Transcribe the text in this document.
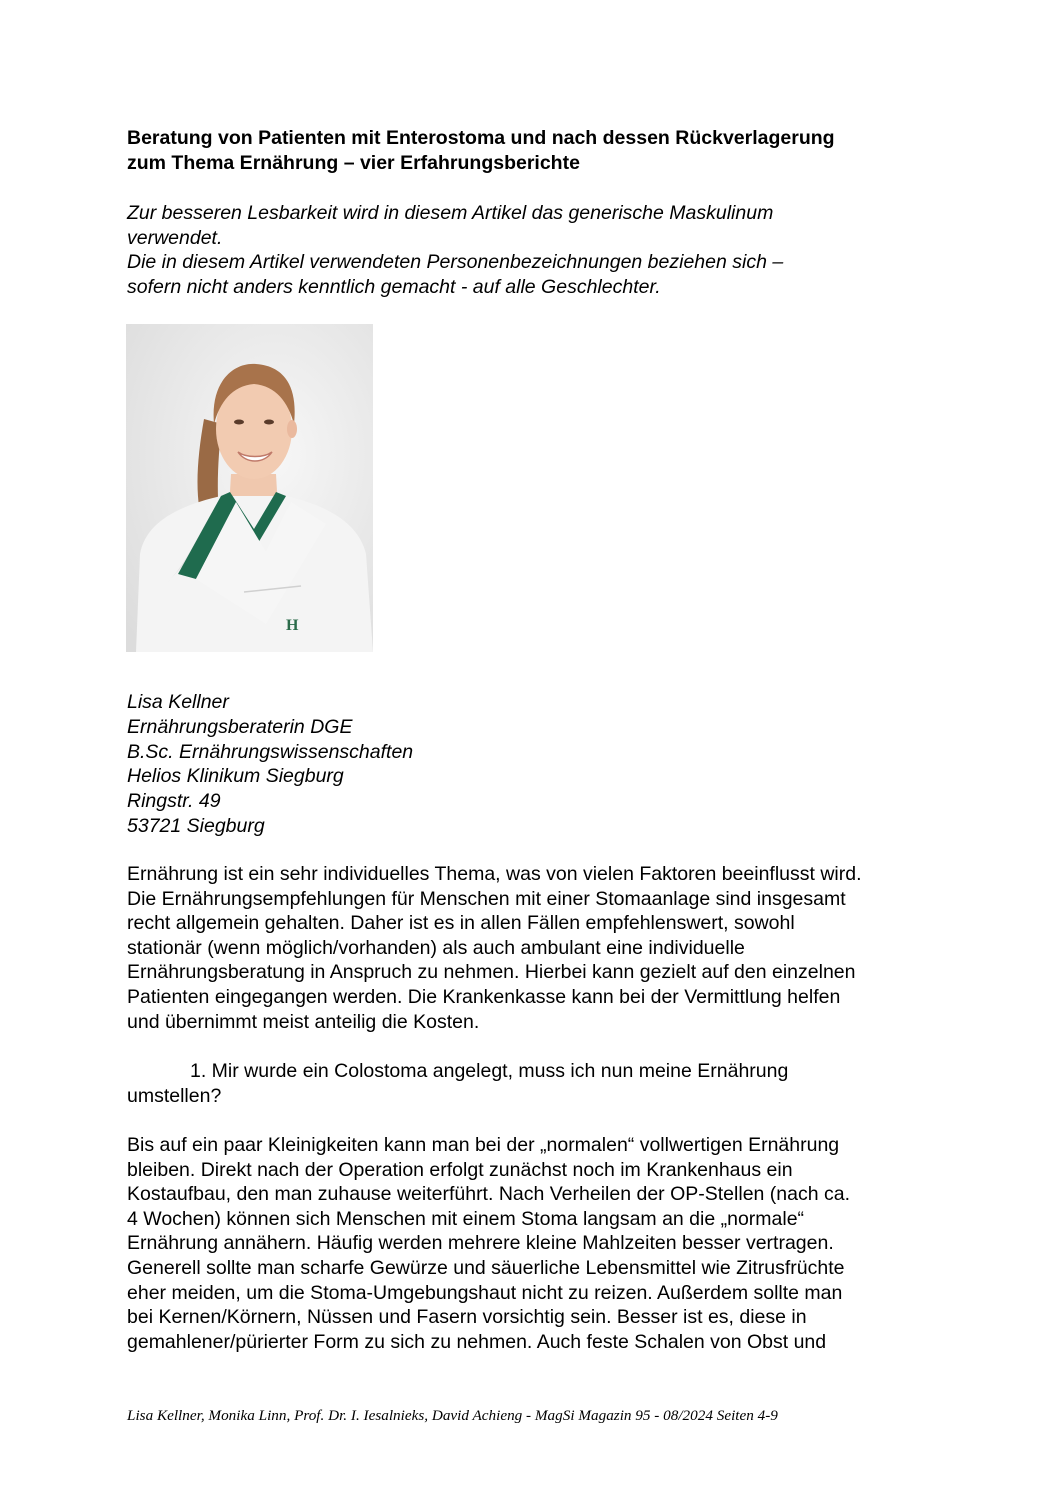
Beratung von Patienten mit Enterostoma und nach dessen Rückverlagerung
zum Thema Ernährung – vier Erfahrungsberichte
Zur besseren Lesbarkeit wird in diesem Artikel das generische Maskulinum
verwendet.
Die in diesem Artikel verwendeten Personenbezeichnungen beziehen sich –
sofern nicht anders kenntlich gemacht - auf alle Geschlechter.
H
Lisa Kellner
Ernährungsberaterin DGE
B.Sc. Ernährungswissenschaften
Helios Klinikum Siegburg
Ringstr. 49
53721 Siegburg
Ernährung ist ein sehr individuelles Thema, was von vielen Faktoren beeinflusst wird.
Die Ernährungsempfehlungen für Menschen mit einer Stomaanlage sind insgesamt
recht allgemein gehalten. Daher ist es in allen Fällen empfehlenswert, sowohl
stationär (wenn möglich/vorhanden) als auch ambulant eine individuelle
Ernährungsberatung in Anspruch zu nehmen. Hierbei kann gezielt auf den einzelnen
Patienten eingegangen werden. Die Krankenkasse kann bei der Vermittlung helfen
und übernimmt meist anteilig die Kosten.
1. Mir wurde ein Colostoma angelegt, muss ich nun meine Ernährung
umstellen?
Bis auf ein paar Kleinigkeiten kann man bei der „normalen“ vollwertigen Ernährung
bleiben. Direkt nach der Operation erfolgt zunächst noch im Krankenhaus ein
Kostaufbau, den man zuhause weiterführt. Nach Verheilen der OP-Stellen (nach ca.
4 Wochen) können sich Menschen mit einem Stoma langsam an die „normale“
Ernährung annähern. Häufig werden mehrere kleine Mahlzeiten besser vertragen.
Generell sollte man scharfe Gewürze und säuerliche Lebensmittel wie Zitrusfrüchte
eher meiden, um die Stoma-Umgebungshaut nicht zu reizen. Außerdem sollte man
bei Kernen/Körnern, Nüssen und Fasern vorsichtig sein. Besser ist es, diese in
gemahlener/pürierter Form zu sich zu nehmen. Auch feste Schalen von Obst und
Lisa Kellner, Monika Linn, Prof. Dr. I. Iesalnieks, David Achieng - MagSi Magazin 95 - 08/2024 Seiten 4-9
